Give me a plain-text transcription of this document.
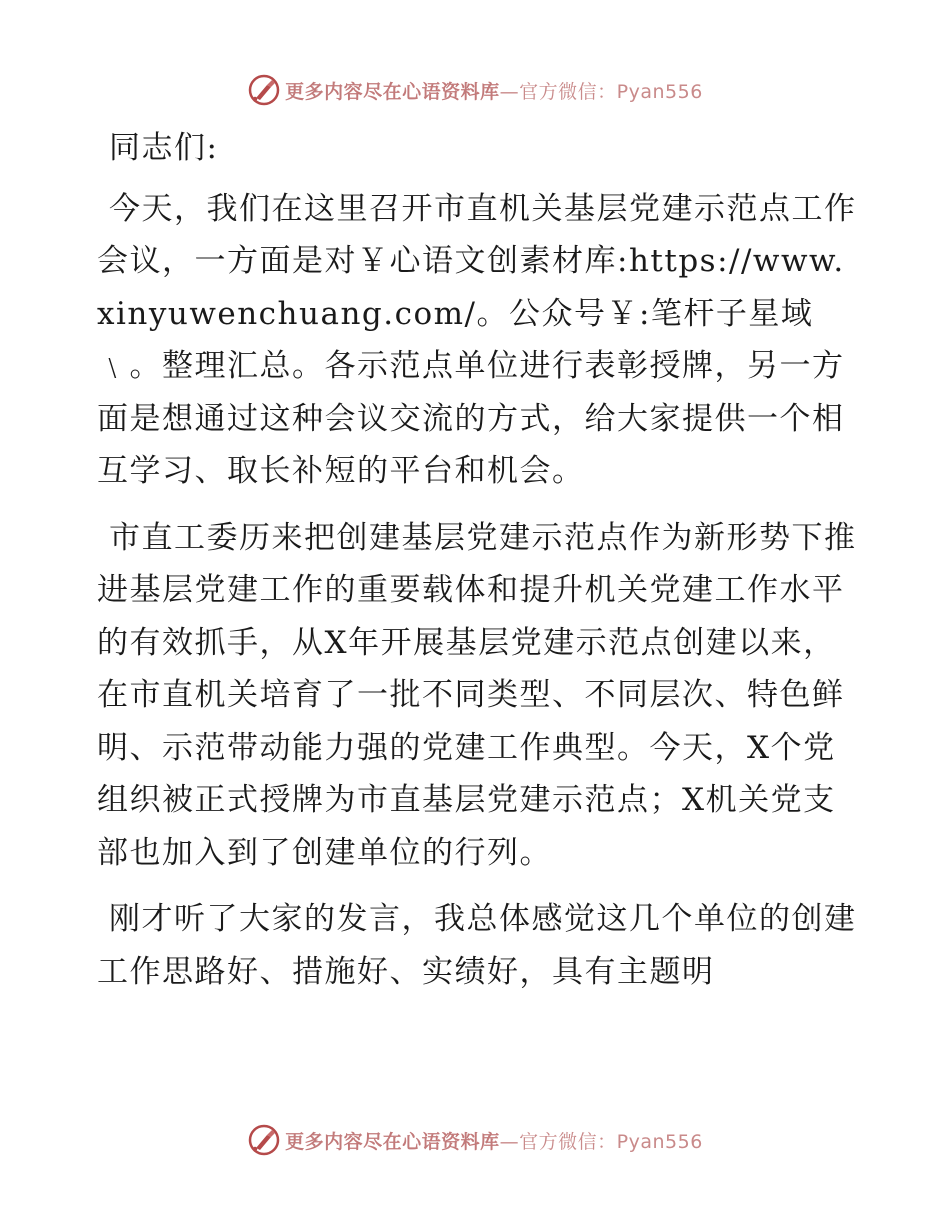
更多内容尽在心语资料库—官方微信：Pyan556

同志们:

今天，我们在这里召开市直机关基层党建示范点工作会议，一方面是对￥心语文创素材库:https://www.xinyuwenchuang.com/。公众号￥:笔杆子星域﹨。整理汇总。各示范点单位进行表彰授牌，另一方面是想通过这种会议交流的方式，给大家提供一个相互学习、取长补短的平台和机会。

市直工委历来把创建基层党建示范点作为新形势下推进基层党建工作的重要载体和提升机关党建工作水平的有效抓手，从X年开展基层党建示范点创建以来，在市直机关培育了一批不同类型、不同层次、特色鲜明、示范带动能力强的党建工作典型。今天，X个党组织被正式授牌为市直基层党建示范点；X机关党支部也加入到了创建单位的行列。

刚才听了大家的发言，我总体感觉这几个单位的创建工作思路好、措施好、实绩好，具有主题明

更多内容尽在心语资料库—官方微信：Pyan556
